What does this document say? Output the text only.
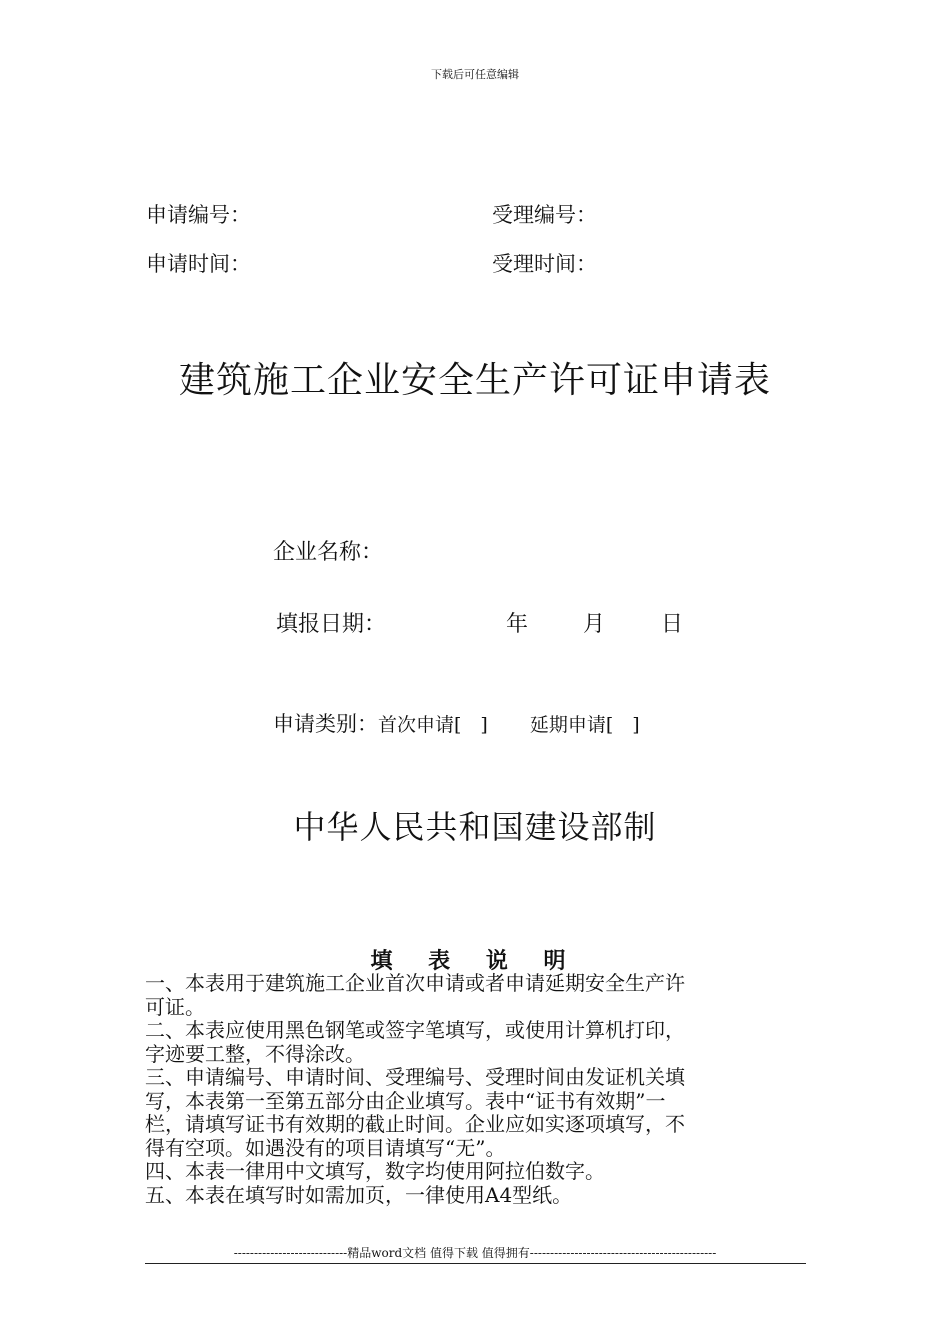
下载后可任意编辑
申请编号：	受理编号：
申请时间：	受理时间：
建筑施工企业安全生产许可证申请表
企业名称：
填报日期：	年 月	日
申请类别：首次申请[　] 延期申请[　]
中华人民共和国建设部制
填 表 说 明
一、本表用于建筑施工企业首次申请或者申请延期安全生产许
可证。
二、本表应使用黑色钢笔或签字笔填写，或使用计算机打印，
字迹要工整，不得涂改。
三、申请编号、申请时间、受理编号、受理时间由发证机关填
写，本表第一至第五部分由企业填写。表中“证书有效期”一
栏，请填写证书有效期的截止时间。企业应如实逐项填写，不
得有空项。如遇没有的项目请填写“无”。
四、本表一律用中文填写，数字均使用阿拉伯数字。
五、本表在填写时如需加页，一律使用A4型纸。
----------------------------精品word文档 值得下载 值得拥有----------------------------------------------
